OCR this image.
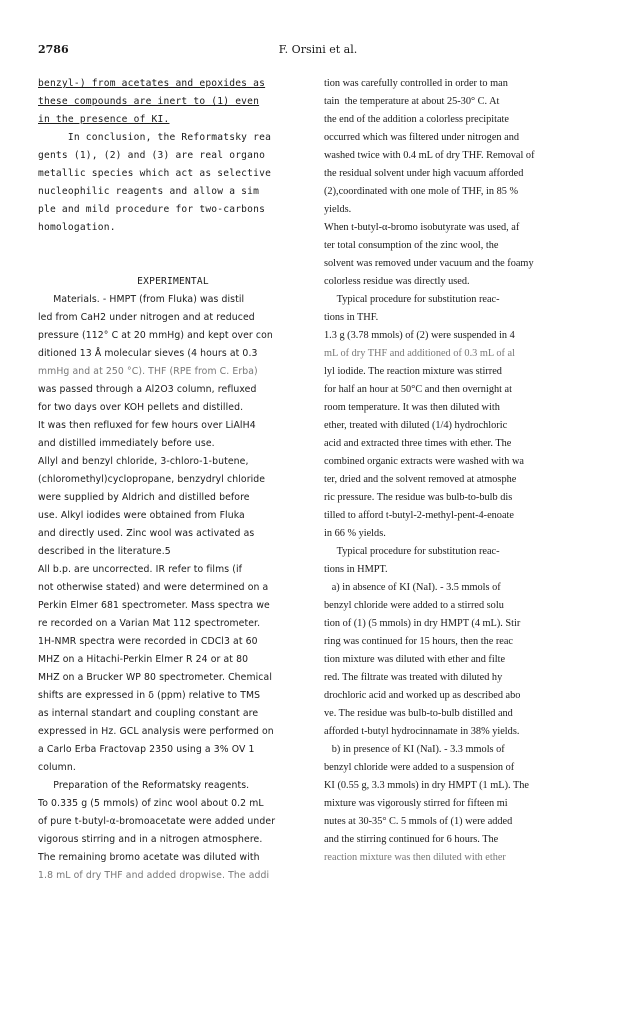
2786	F. Orsini et al.
benzyl-) from acetates and epoxides as
these compounds are inert to (1) even
in the presence of KI.
In conclusion, the Reformatsky rea
gents (1), (2) and (3) are real organo
metallic species which act as selective
nucleophilic reagents and allow a sim
ple and mild procedure for two-carbons
homologation.
EXPERIMENTAL
Materials. - HMPT (from Fluka) was distil
led from CaH2 under nitrogen and at reduced
pressure (112° C at 20 mmHg) and kept over con
ditioned 13 Å molecular sieves (4 hours at 0.3
mmHg and at 250 °C). THF (RPE from C. Erba)
was passed through a Al2O3 column, refluxed
for two days over KOH pellets and distilled.
It was then refluxed for few hours over LiAlH4
and distilled immediately before use.
Allyl and benzyl chloride, 3-chloro-1-butene,
(chloromethyl)cyclopropane, benzydryl chloride
were supplied by Aldrich and distilled before
use. Alkyl iodides were obtained from Fluka
and directly used. Zinc wool was activated as
described in the literature.5
All b.p. are uncorrected. IR refer to films (if
not otherwise stated) and were determined on a
Perkin Elmer 681 spectrometer. Mass spectra we
re recorded on a Varian Mat 112 spectrometer.
1H-NMR spectra were recorded in CDCl3 at 60
MHZ on a Hitachi-Perkin Elmer R 24 or at 80
MHZ on a Brucker WP 80 spectrometer. Chemical
shifts are expressed in δ (ppm) relative to TMS
as internal standart and coupling constant are
expressed in Hz. GCL analysis were performed on
a Carlo Erba Fractovap 2350 using a 3% OV 1
column.
Preparation of the Reformatsky reagents.
To 0.335 g (5 mmols) of zinc wool about 0.2 mL
of pure t-butyl-α-bromoacetate were added under
vigorous stirring and in a nitrogen atmosphere.
The remaining bromo acetate was diluted with
1.8 mL of dry THF and added dropwise. The addi
tion was carefully controlled in order to man
tain  the temperature at about 25-30° C. At
the end of the addition a colorless precipitate
occurred which was filtered under nitrogen and
washed twice with 0.4 mL of dry THF. Removal of
the residual solvent under high vacuum afforded
(2),coordinated with one mole of THF, in 85 %
yields.
When t-butyl-α-bromo isobutyrate was used, af
ter total consumption of the zinc wool, the
solvent was removed under vacuum and the foamy
colorless residue was directly used.
Typical procedure for substitution reac-
tions in THF.
1.3 g (3.78 mmols) of (2) were suspended in 4
mL of dry THF and additioned of 0.3 mL of al
lyl iodide. The reaction mixture was stirred
for half an hour at 50°C and then overnight at
room temperature. It was then diluted with
ether, treated with diluted (1/4) hydrochloric
acid and extracted three times with ether. The
combined organic extracts were washed with wa
ter, dried and the solvent removed at atmosphe
ric pressure. The residue was bulb-to-bulb dis
tilled to afford t-butyl-2-methyl-pent-4-enoate
in 66 % yields.
Typical procedure for substitution reac-
tions in HMPT.
a) in absence of KI (NaI). - 3.5 mmols of
benzyl chloride were added to a stirred solu
tion of (1) (5 mmols) in dry HMPT (4 mL). Stir
ring was continued for 15 hours, then the reac
tion mixture was diluted with ether and filte
red. The filtrate was treated with diluted hy
drochloric acid and worked up as described abo
ve. The residue was bulb-to-bulb distilled and
afforded t-butyl hydrocinnamate in 38% yields.
b) in presence of KI (NaI). - 3.3 mmols of
benzyl chloride were added to a suspension of
KI (0.55 g, 3.3 mmols) in dry HMPT (1 mL). The
mixture was vigorously stirred for fifteen mi
nutes at 30-35° C. 5 mmols of (1) were added
and the stirring continued for 6 hours. The
reaction mixture was then diluted with ether
